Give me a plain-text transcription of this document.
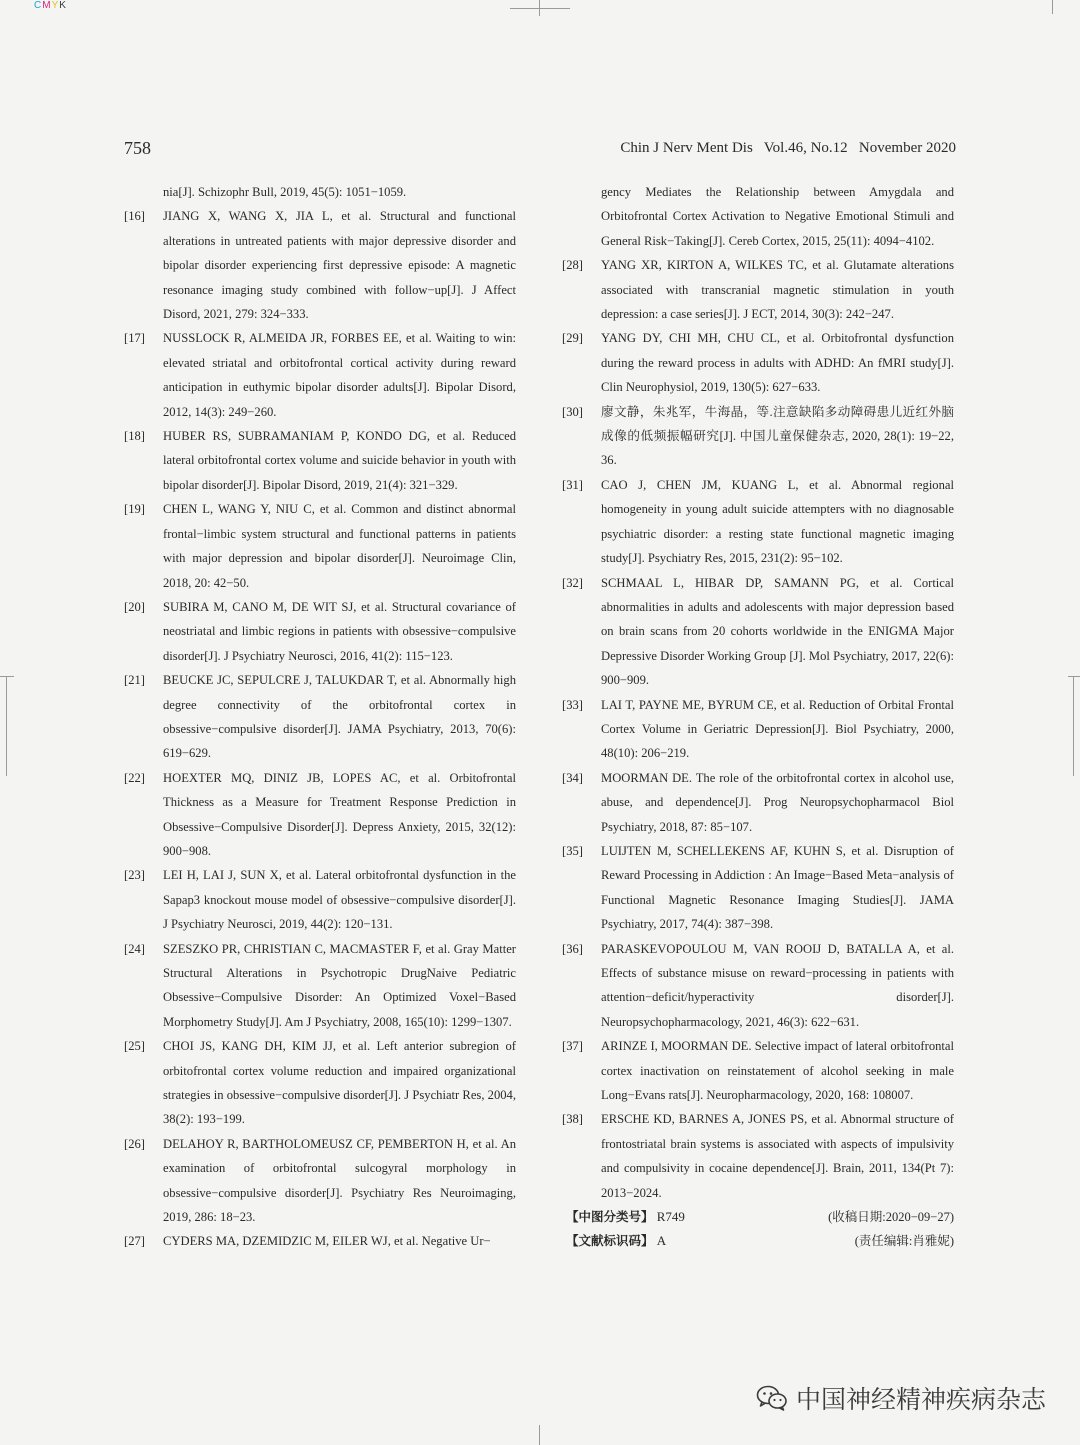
CMYK
758	Chin J Nerv Ment Dis   Vol.46, No.12   November 2020
nia[J]. Schizophr Bull, 2019, 45(5): 1051−1059.
[16] JIANG X, WANG X, JIA L, et al. Structural and functional alterations in untreated patients with major depressive disorder and bipolar disorder experiencing first depressive episode: A magnetic resonance imaging study combined with follow−up[J]. J Affect Disord, 2021, 279: 324−333.
[17] NUSSLOCK R, ALMEIDA JR, FORBES EE, et al. Waiting to win: elevated striatal and orbitofrontal cortical activity during reward anticipation in euthymic bipolar disorder adults[J]. Bipolar Disord, 2012, 14(3): 249−260.
[18] HUBER RS, SUBRAMANIAM P, KONDO DG, et al. Reduced lateral orbitofrontal cortex volume and suicide behavior in youth with bipolar disorder[J]. Bipolar Disord, 2019, 21(4): 321−329.
[19] CHEN L, WANG Y, NIU C, et al. Common and distinct abnormal frontal−limbic system structural and functional patterns in patients with major depression and bipolar disorder[J]. Neuroimage Clin, 2018, 20: 42−50.
[20] SUBIRA M, CANO M, DE WIT SJ, et al. Structural covariance of neostriatal and limbic regions in patients with obsessive−compulsive disorder[J]. J Psychiatry Neurosci, 2016, 41(2): 115−123.
[21] BEUCKE JC, SEPULCRE J, TALUKDAR T, et al. Abnormally high degree connectivity of the orbitofrontal cortex in obsessive−compulsive disorder[J]. JAMA Psychiatry, 2013, 70(6): 619−629.
[22] HOEXTER MQ, DINIZ JB, LOPES AC, et al. Orbitofrontal Thickness as a Measure for Treatment Response Prediction in Obsessive−Compulsive Disorder[J]. Depress Anxiety, 2015, 32(12): 900−908.
[23] LEI H, LAI J, SUN X, et al. Lateral orbitofrontal dysfunction in the Sapap3 knockout mouse model of obsessive−compulsive disorder[J]. J Psychiatry Neurosci, 2019, 44(2): 120−131.
[24] SZESZKO PR, CHRISTIAN C, MACMASTER F, et al. Gray Matter Structural Alterations in Psychotropic DrugNaive Pediatric Obsessive−Compulsive Disorder: An Optimized Voxel−Based Morphometry Study[J]. Am J Psychiatry, 2008, 165(10): 1299−1307.
[25] CHOI JS, KANG DH, KIM JJ, et al. Left anterior subregion of orbitofrontal cortex volume reduction and impaired organizational strategies in obsessive−compulsive disorder[J]. J Psychiatr Res, 2004, 38(2): 193−199.
[26] DELAHOY R, BARTHOLOMEUSZ CF, PEMBERTON H, et al. An examination of orbitofrontal sulcogyral morphology in obsessive−compulsive disorder[J]. Psychiatry Res Neuroimaging, 2019, 286: 18−23.
[27] CYDERS MA, DZEMIDZIC M, EILER WJ, et al. Negative Ur−
gency Mediates the Relationship between Amygdala and Orbitofrontal Cortex Activation to Negative Emotional Stimuli and General Risk−Taking[J]. Cereb Cortex, 2015, 25(11): 4094−4102.
[28] YANG XR, KIRTON A, WILKES TC, et al. Glutamate alterations associated with transcranial magnetic stimulation in youth depression: a case series[J]. J ECT, 2014, 30(3): 242−247.
[29] YANG DY, CHI MH, CHU CL, et al. Orbitofrontal dysfunction during the reward process in adults with ADHD: An fMRI study[J]. Clin Neurophysiol, 2019, 130(5): 627−633.
[30] 廖文静，朱兆军，牛海晶，等.注意缺陷多动障碍患儿近红外脑成像的低频振幅研究[J]. 中国儿童保健杂志, 2020, 28(1): 19−22, 36.
[31] CAO J, CHEN JM, KUANG L, et al. Abnormal regional homogeneity in young adult suicide attempters with no diagnosable psychiatric disorder: a resting state functional magnetic imaging study[J]. Psychiatry Res, 2015, 231(2): 95−102.
[32] SCHMAAL L, HIBAR DP, SAMANN PG, et al. Cortical abnormalities in adults and adolescents with major depression based on brain scans from 20 cohorts worldwide in the ENIGMA Major Depressive Disorder Working Group [J]. Mol Psychiatry, 2017, 22(6): 900−909.
[33] LAI T, PAYNE ME, BYRUM CE, et al. Reduction of Orbital Frontal Cortex Volume in Geriatric Depression[J]. Biol Psychiatry, 2000, 48(10): 206−219.
[34] MOORMAN DE. The role of the orbitofrontal cortex in alcohol use, abuse, and dependence[J]. Prog Neuropsychopharmacol Biol Psychiatry, 2018, 87: 85−107.
[35] LUIJTEN M, SCHELLEKENS AF, KUHN S, et al. Disruption of Reward Processing in Addiction : An Image−Based Meta−analysis of Functional Magnetic Resonance Imaging Studies[J]. JAMA Psychiatry, 2017, 74(4): 387−398.
[36] PARASKEVOPOULOU M, VAN ROOIJ D, BATALLA A, et al. Effects of substance misuse on reward−processing in patients with attention−deficit/hyperactivity disorder[J]. Neuropsychopharmacology, 2021, 46(3): 622−631.
[37] ARINZE I, MOORMAN DE. Selective impact of lateral orbitofrontal cortex inactivation on reinstatement of alcohol seeking in male Long−Evans rats[J]. Neuropharmacology, 2020, 168: 108007.
[38] ERSCHE KD, BARNES A, JONES PS, et al. Abnormal structure of frontostriatal brain systems is associated with aspects of impulsivity and compulsivity in cocaine dependence[J]. Brain, 2011, 134(Pt 7): 2013−2024.
【中图分类号】 R749	(收稿日期:2020−09−27)
【文献标识码】 A	(责任编辑:肖雅妮)
中国神经精神疾病杂志
